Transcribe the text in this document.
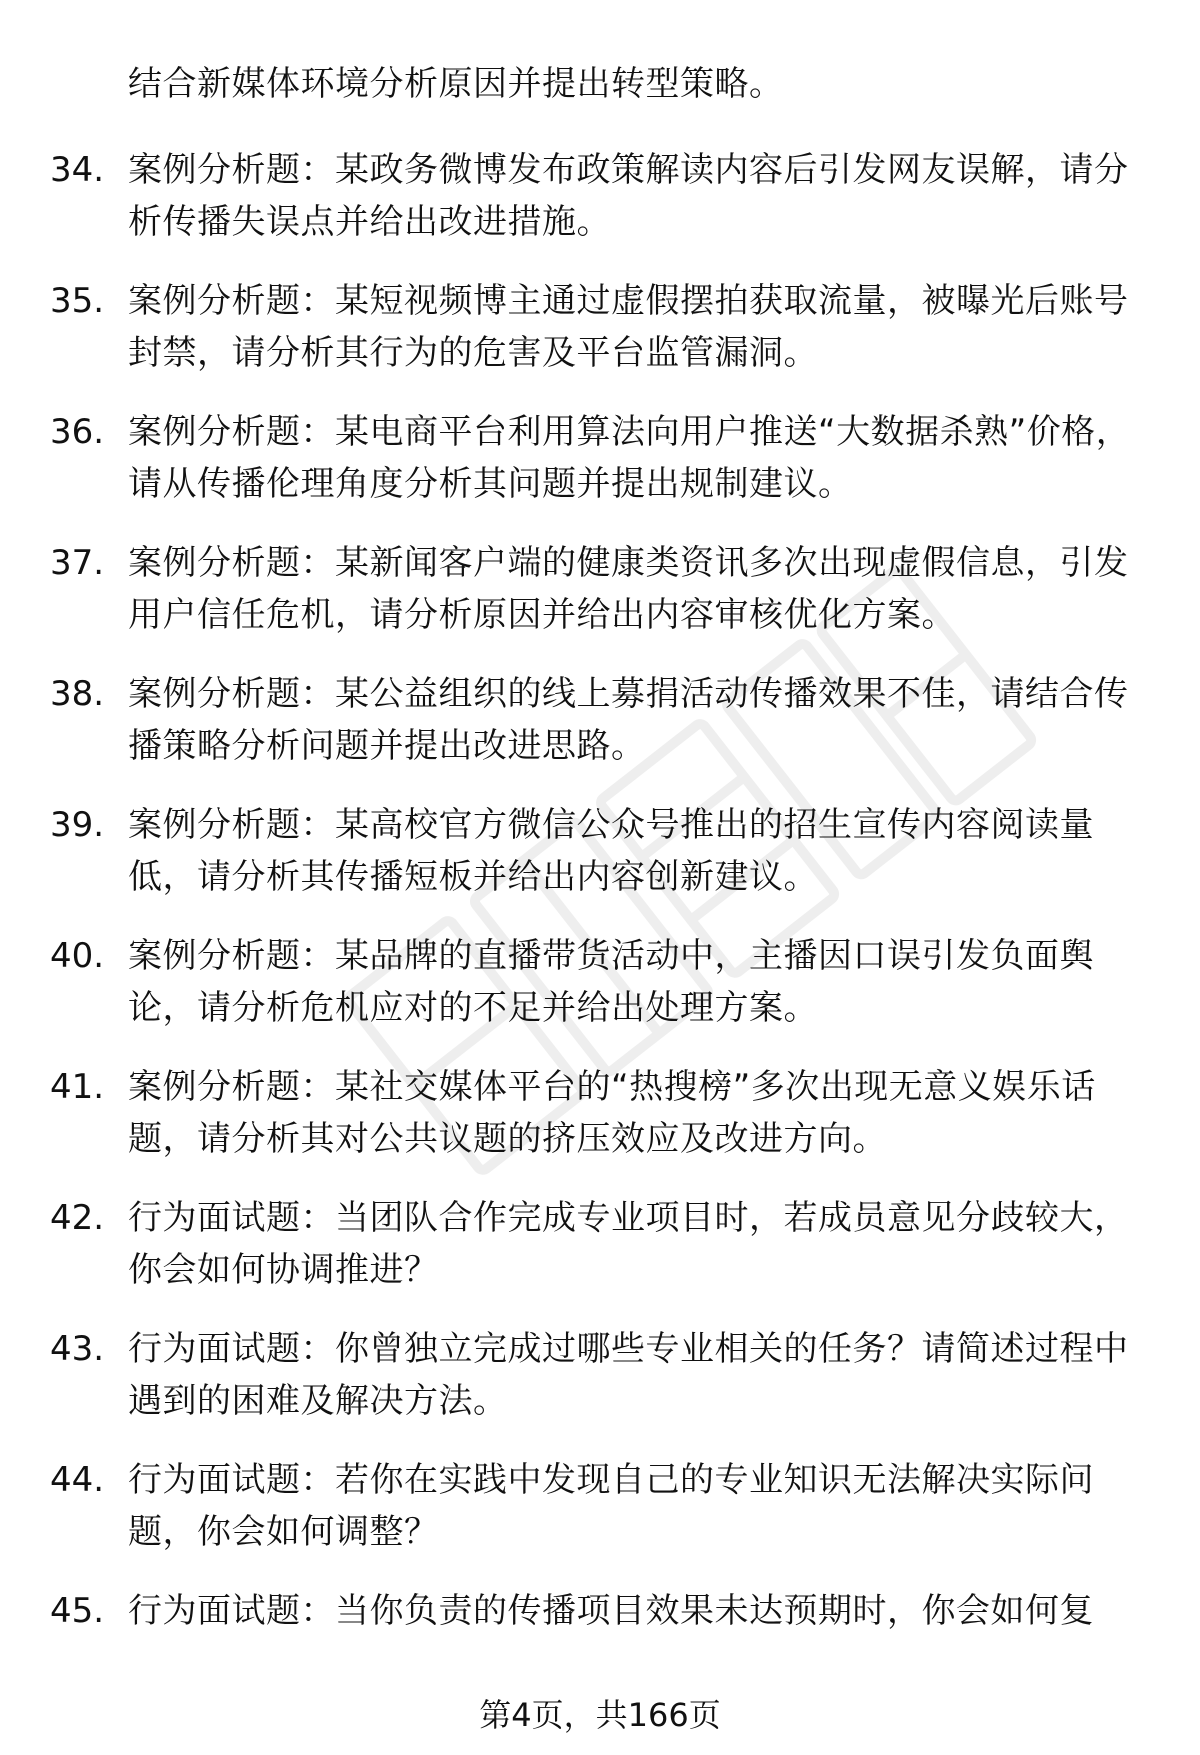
结合新媒体环境分析原因并提出转型策略。
34. 案例分析题：某政务微博发布政策解读内容后引发网友误解，请分析传播失误点并给出改进措施。
35. 案例分析题：某短视频博主通过虚假摆拍获取流量，被曝光后账号封禁，请分析其行为的危害及平台监管漏洞。
36. 案例分析题：某电商平台利用算法向用户推送“大数据杀熟”价格，请从传播伦理角度分析其问题并提出规制建议。
37. 案例分析题：某新闻客户端的健康类资讯多次出现虚假信息，引发用户信任危机，请分析原因并给出内容审核优化方案。
38. 案例分析题：某公益组织的线上募捐活动传播效果不佳，请结合传播策略分析问题并提出改进思路。
39. 案例分析题：某高校官方微信公众号推出的招生宣传内容阅读量低，请分析其传播短板并给出内容创新建议。
40. 案例分析题：某品牌的直播带货活动中，主播因口误引发负面舆论，请分析危机应对的不足并给出处理方案。
41. 案例分析题：某社交媒体平台的“热搜榜”多次出现无意义娱乐话题，请分析其对公共议题的挤压效应及改进方向。
42. 行为面试题：当团队合作完成专业项目时，若成员意见分歧较大，你会如何协调推进？
43. 行为面试题：你曾独立完成过哪些专业相关的任务？请简述过程中遇到的困难及解决方法。
44. 行为面试题：若你在实践中发现自己的专业知识无法解决实际问题，你会如何调整？
45. 行为面试题：当你负责的传播项目效果未达预期时，你会如何复
第4页，共166页
